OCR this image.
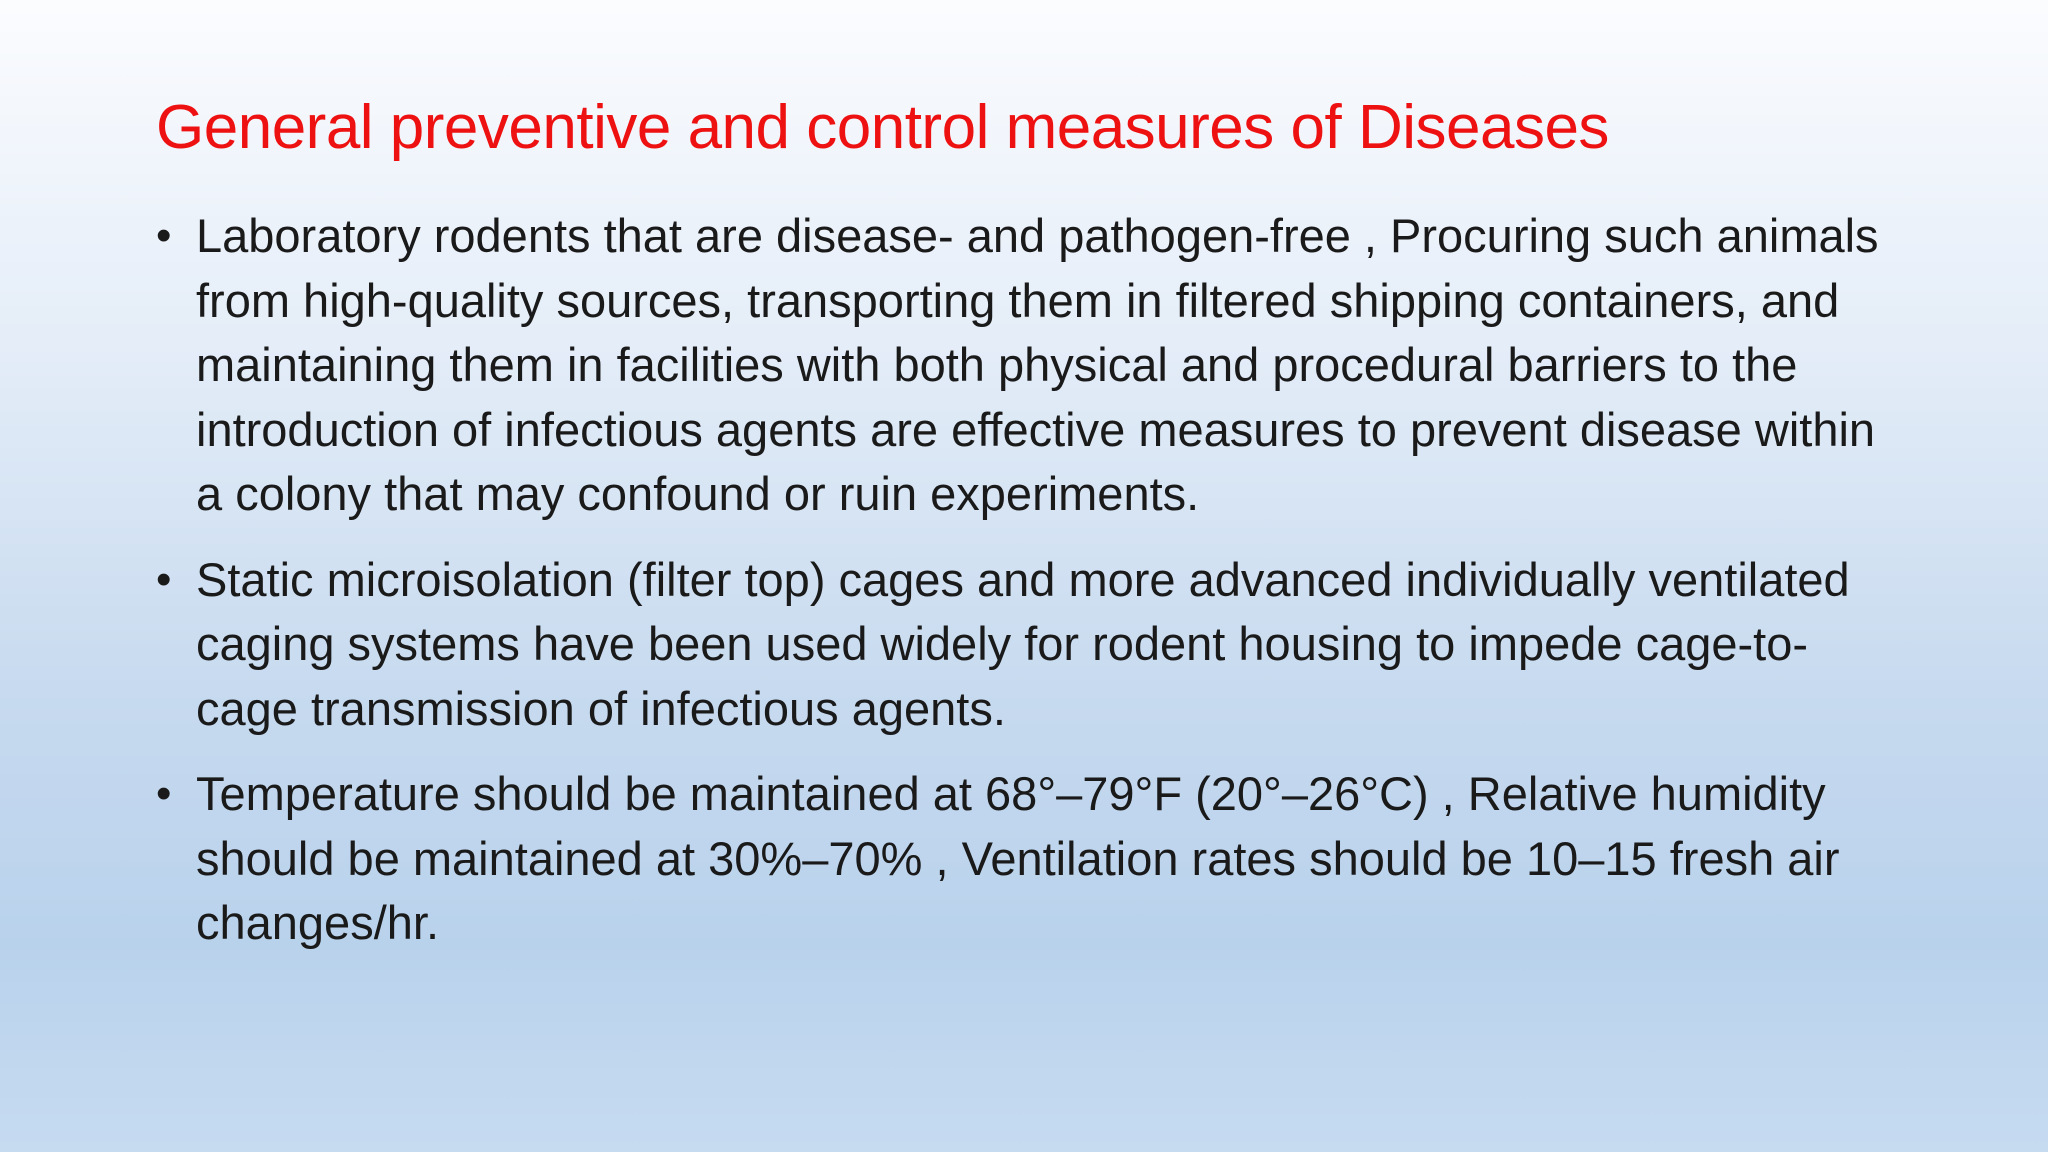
General preventive and control measures of Diseases
• Laboratory rodents that are disease- and pathogen-free , Procuring such animals from high-quality sources, transporting them in filtered shipping containers, and maintaining them in facilities with both physical and procedural barriers to the introduction of infectious agents are effective measures to prevent disease within a colony that may confound or ruin experiments.
• Static microisolation (filter top) cages and more advanced individually ventilated caging systems have been used widely for rodent housing to impede cage-to-cage transmission of infectious agents.
• Temperature should be maintained at 68°–79°F (20°–26°C) , Relative humidity should be maintained at 30%–70% , Ventilation rates should be 10–15 fresh air changes/hr.
